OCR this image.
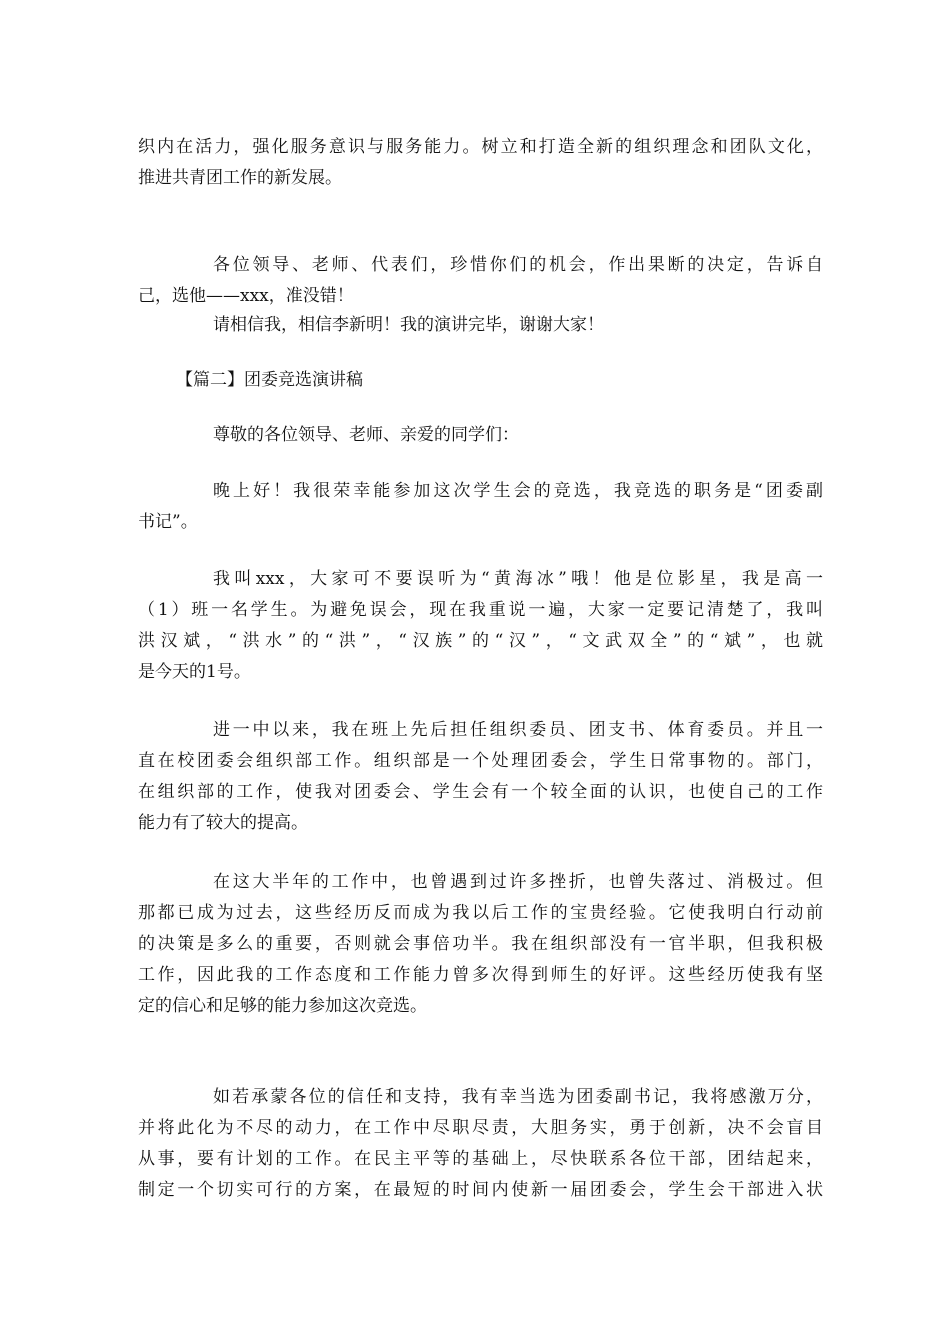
织内在活力，强化服务意识与服务能力。树立和打造全新的组织理念和团队文化，
推进共青团工作的新发展。
各位领导、老师、代表们，珍惜你们的机会，作出果断的决定，告诉自
己，选他——xxx，准没错！
请相信我，相信李新明！我的演讲完毕，谢谢大家！
【篇二】团委竞选演讲稿
尊敬的各位领导、老师、亲爱的同学们：
晚上好！我很荣幸能参加这次学生会的竞选，我竞选的职务是“团委副
书记”。
我叫xxx，大家可不要误听为“黄海冰”哦！他是位影星，我是高一
（1）班一名学生。为避免误会，现在我重说一遍，大家一定要记清楚了，我叫
洪汉斌，“洪水”的“洪”，“汉族”的“汉”，“文武双全”的“斌”，也就
是今天的1号。
进一中以来，我在班上先后担任组织委员、团支书、体育委员。并且一
直在校团委会组织部工作。组织部是一个处理团委会，学生日常事物的。部门，
在组织部的工作，使我对团委会、学生会有一个较全面的认识，也使自己的工作
能力有了较大的提高。
在这大半年的工作中，也曾遇到过许多挫折，也曾失落过、消极过。但
那都已成为过去，这些经历反而成为我以后工作的宝贵经验。它使我明白行动前
的决策是多么的重要，否则就会事倍功半。我在组织部没有一官半职，但我积极
工作，因此我的工作态度和工作能力曾多次得到师生的好评。这些经历使我有坚
定的信心和足够的能力参加这次竞选。
如若承蒙各位的信任和支持，我有幸当选为团委副书记，我将感激万分，
并将此化为不尽的动力，在工作中尽职尽责，大胆务实，勇于创新，决不会盲目
从事，要有计划的工作。在民主平等的基础上，尽快联系各位干部，团结起来，
制定一个切实可行的方案，在最短的时间内使新一届团委会，学生会干部进入状
